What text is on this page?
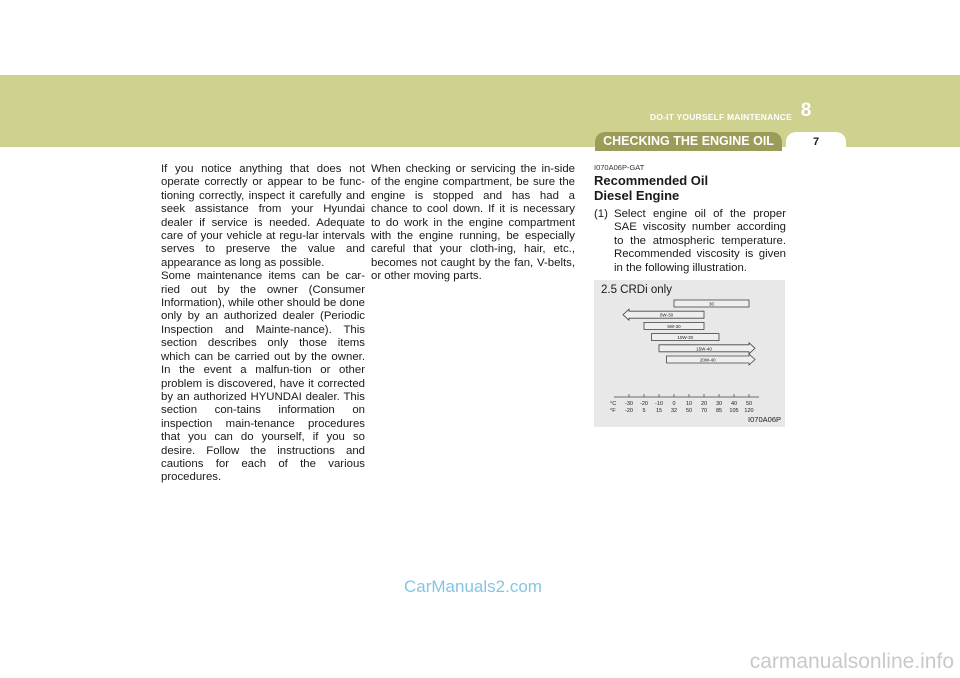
DO-IT YOURSELF MAINTENANCE 8
CHECKING THE ENGINE OIL	7

If you notice anything that does not operate correctly or appear to be func-tioning correctly, inspect it carefully and seek assistance from your Hyundai dealer if service is needed. Adequate care of your vehicle at regu-lar intervals serves to preserve the value and appearance as long as possible.

Some maintenance items can be car-ried out by the owner (Consumer Information), while other should be done only by an authorized dealer (Periodic Inspection and Mainte-nance). This section describes only those items which can be carried out by the owner. In the event a malfun-tion or other problem is discovered, have it corrected by an authorized HYUNDAI dealer. This section con-tains information on inspection main-tenance procedures that you can do yourself, if you so desire. Follow the instructions and cautions for each of the various procedures.

When checking or servicing the in-side of the engine compartment, be sure the engine is stopped and has had a chance to cool down. If it is necessary to do work in the engine compartment with the engine running, be especially careful that your cloth-ing, hair, etc., becomes not caught by the fan, V-belts, or other moving parts.

I070A06P-GAT
Recommended Oil
Diesel Engine
(1) Select engine oil of the proper SAE viscosity number according to the atmospheric temperature. Recommended viscosity is given in the following illustration.
2.5 CRDi only
30
0W-30
5W-30
10W-30
15W-40
20W-40
°C
°F
-30
-20
-20
5
-10
15
0
32
10
50
20
70
30
85
40
105
50
120
I070A06P
CarManuals2.com
carmanualsonline.info
